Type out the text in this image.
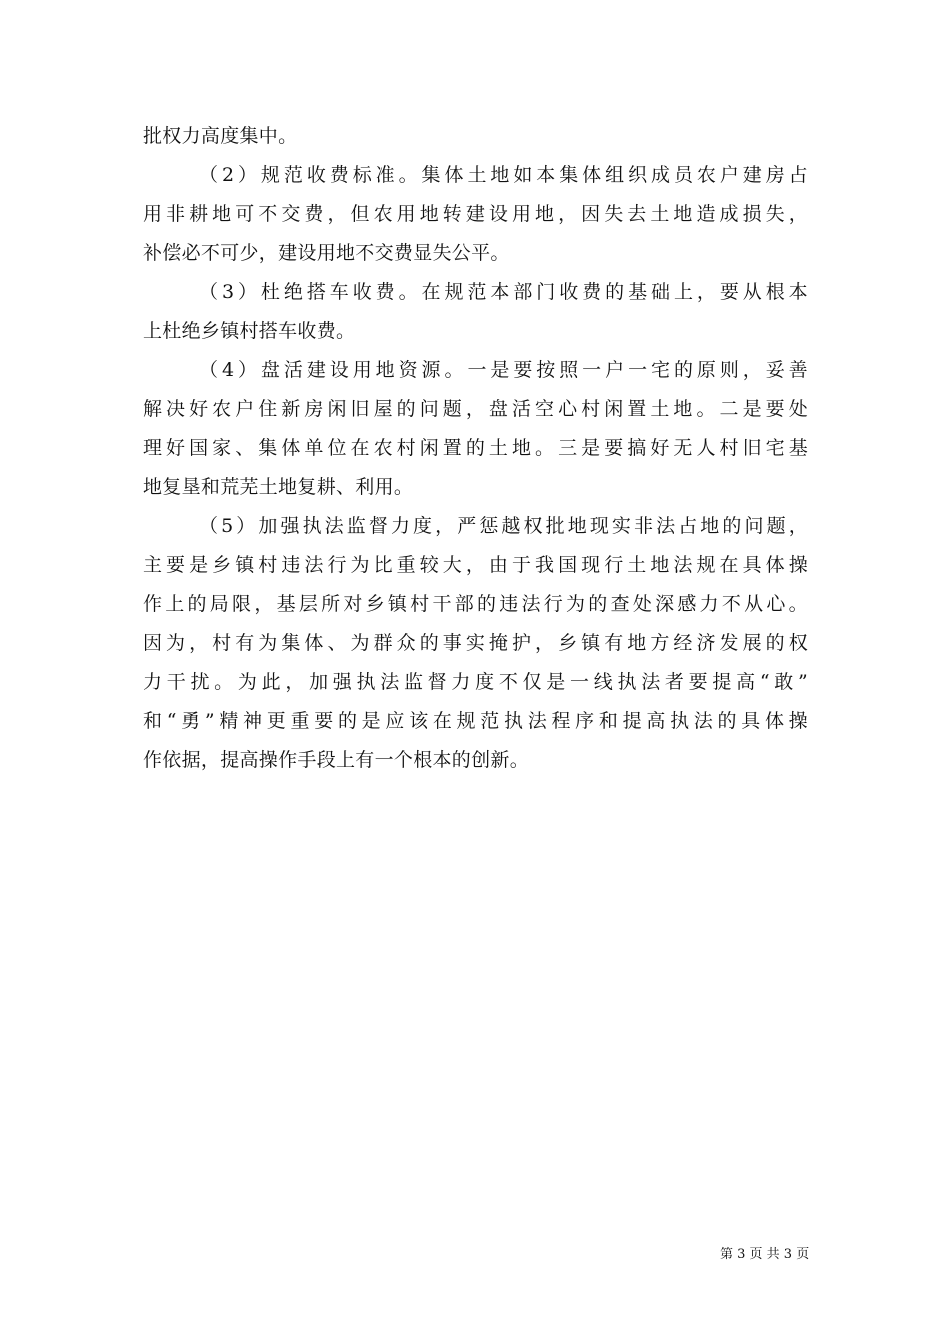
批权力高度集中。
（2）规范收费标准。集体土地如本集体组织成员农户建房占
用非耕地可不交费，但农用地转建设用地，因失去土地造成损失，
补偿必不可少，建设用地不交费显失公平。
（3）杜绝搭车收费。在规范本部门收费的基础上，要从根本
上杜绝乡镇村搭车收费。
（4）盘活建设用地资源。一是要按照一户一宅的原则，妥善
解决好农户住新房闲旧屋的问题，盘活空心村闲置土地。二是要处
理好国家、集体单位在农村闲置的土地。三是要搞好无人村旧宅基
地复垦和荒芜土地复耕、利用。
（5）加强执法监督力度，严惩越权批地现实非法占地的问题，
主要是乡镇村违法行为比重较大，由于我国现行土地法规在具体操
作上的局限，基层所对乡镇村干部的违法行为的查处深感力不从心。
因为，村有为集体、为群众的事实掩护，乡镇有地方经济发展的权
力干扰。为此，加强执法监督力度不仅是一线执法者要提高“敢”
和“勇”精神更重要的是应该在规范执法程序和提高执法的具体操
作依据，提高操作手段上有一个根本的创新。
第 3 页 共 3 页
